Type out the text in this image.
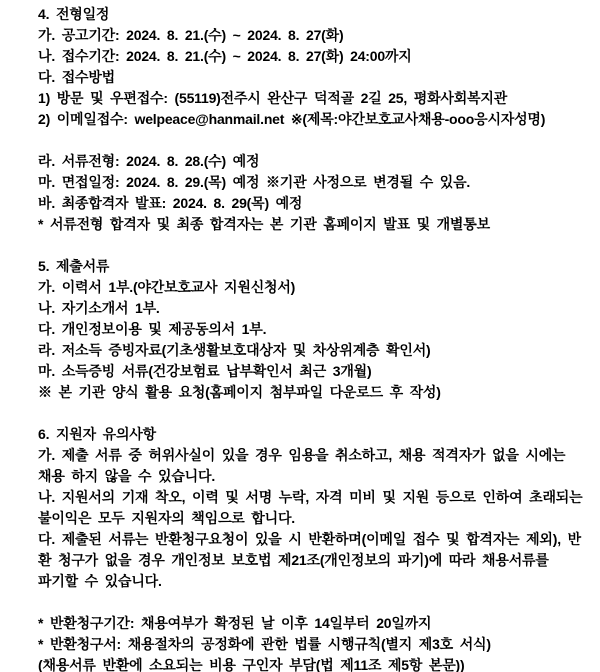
4. 전형일정
가. 공고기간: 2024. 8. 21.(수) ~ 2024. 8. 27(화)
나. 접수기간: 2024. 8. 21.(수) ~ 2024. 8. 27(화) 24:00까지
다. 접수방법
1) 방문 및 우편접수: (55119)전주시 완산구 덕적골 2길 25, 평화사회복지관
2) 이메일접수: welpeace@hanmail.net ※(제목:야간보호교사채용-ooo응시자성명)
라. 서류전형: 2024. 8. 28.(수) 예정
마. 면접일정: 2024. 8. 29.(목) 예정 ※기관 사정으로 변경될 수 있음.
바. 최종합격자 발표: 2024. 8. 29(목) 예정
* 서류전형 합격자 및 최종 합격자는 본 기관 홈페이지 발표 및 개별통보
5. 제출서류
가. 이력서 1부.(야간보호교사 지원신청서)
나. 자기소개서 1부.
다. 개인정보이용 및 제공동의서 1부.
라. 저소득 증빙자료(기초생활보호대상자 및 차상위계층 확인서)
마. 소득증빙 서류(건강보험료 납부확인서 최근 3개월)
※ 본 기관 양식 활용 요청(홈페이지 첨부파일 다운로드 후 작성)
6. 지원자 유의사항
가. 제출 서류 중 허위사실이 있을 경우 임용을 취소하고, 채용 적격자가 없을 시에는
채용 하지 않을 수 있습니다.
나. 지원서의 기재 착오, 이력 및 서명 누락, 자격 미비 및 지원 등으로 인하여 초래되는
불이익은 모두 지원자의 책임으로 합니다.
다. 제출된 서류는 반환청구요청이 있을 시 반환하며(이메일 접수 및 합격자는 제외), 반
환 청구가 없을 경우 개인정보 보호법 제21조(개인정보의 파기)에 따라 채용서류를
파기할 수 있습니다.
* 반환청구기간: 채용여부가 확정된 날 이후 14일부터 20일까지
* 반환청구서: 채용절차의 공정화에 관한 법률 시행규칙(별지 제3호 서식)
(채용서류 반환에 소요되는 비용 구인자 부담(법 제11조 제5항 본문))
